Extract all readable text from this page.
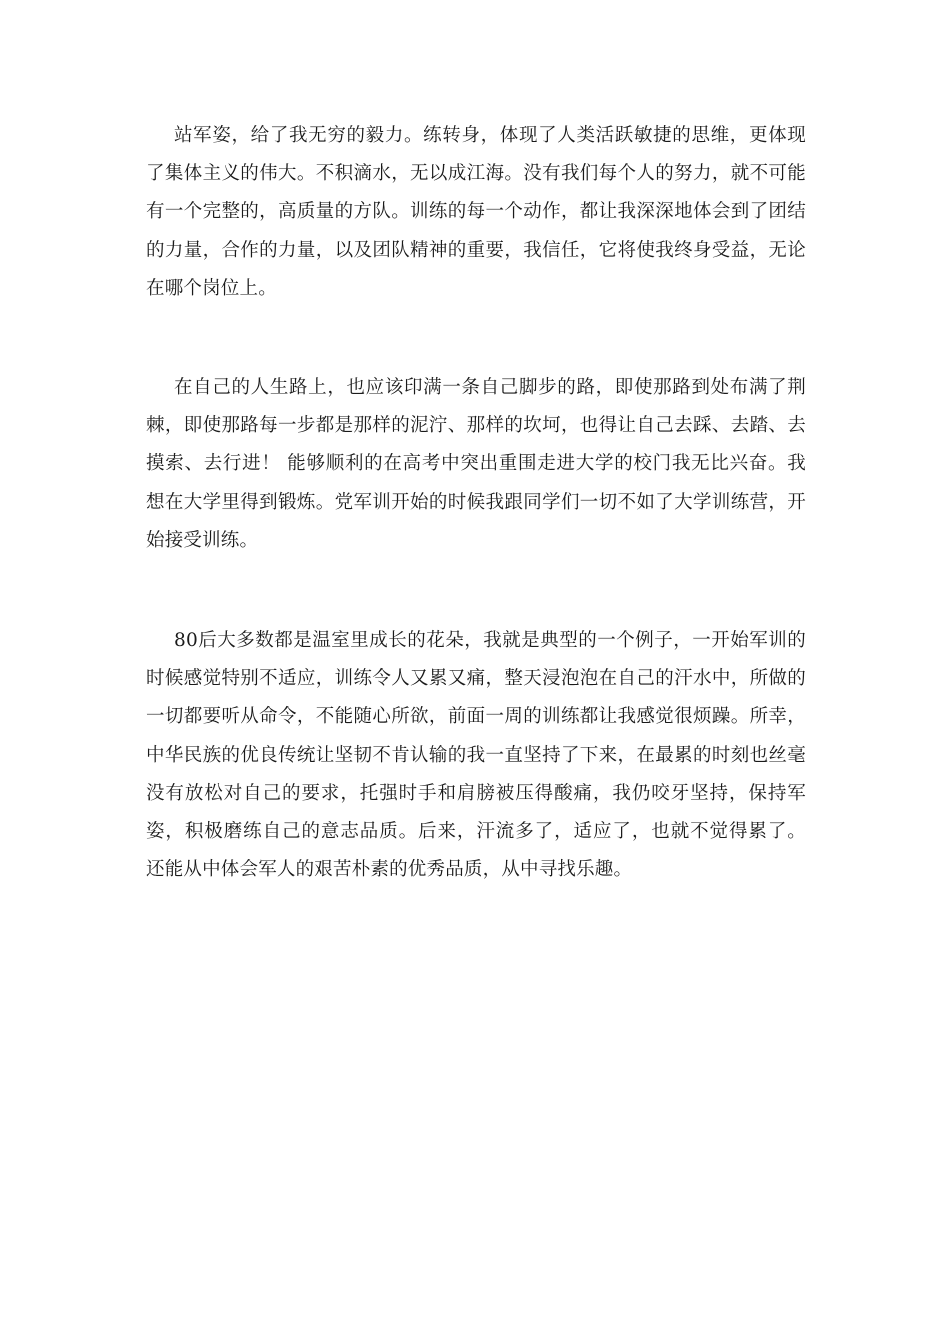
站军姿，给了我无穷的毅力。练转身，体现了人类活跃敏捷的思维，更体现了集体主义的伟大。不积滴水，无以成江海。没有我们每个人的努力，就不可能有一个完整的，高质量的方队。训练的每一个动作，都让我深深地体会到了团结的力量，合作的力量，以及团队精神的重要，我信任，它将使我终身受益，无论在哪个岗位上。

在自己的人生路上，也应该印满一条自己脚步的路，即使那路到处布满了荆棘，即使那路每一步都是那样的泥泞、那样的坎坷，也得让自己去踩、去踏、去摸索、去行进！ 能够顺利的在高考中突出重围走进大学的校门我无比兴奋。我想在大学里得到锻炼。党军训开始的时候我跟同学们一切不如了大学训练营，开始接受训练。

80后大多数都是温室里成长的花朵，我就是典型的一个例子，一开始军训的时候感觉特别不适应，训练令人又累又痛，整天浸泡泡在自己的汗水中，所做的一切都要听从命令，不能随心所欲，前面一周的训练都让我感觉很烦躁。所幸，中华民族的优良传统让坚韧不肯认输的我一直坚持了下来，在最累的时刻也丝毫没有放松对自己的要求，托强时手和肩膀被压得酸痛，我仍咬牙坚持，保持军姿，积极磨练自己的意志品质。后来，汗流多了，适应了，也就不觉得累了。 还能从中体会军人的艰苦朴素的优秀品质，从中寻找乐趣。
